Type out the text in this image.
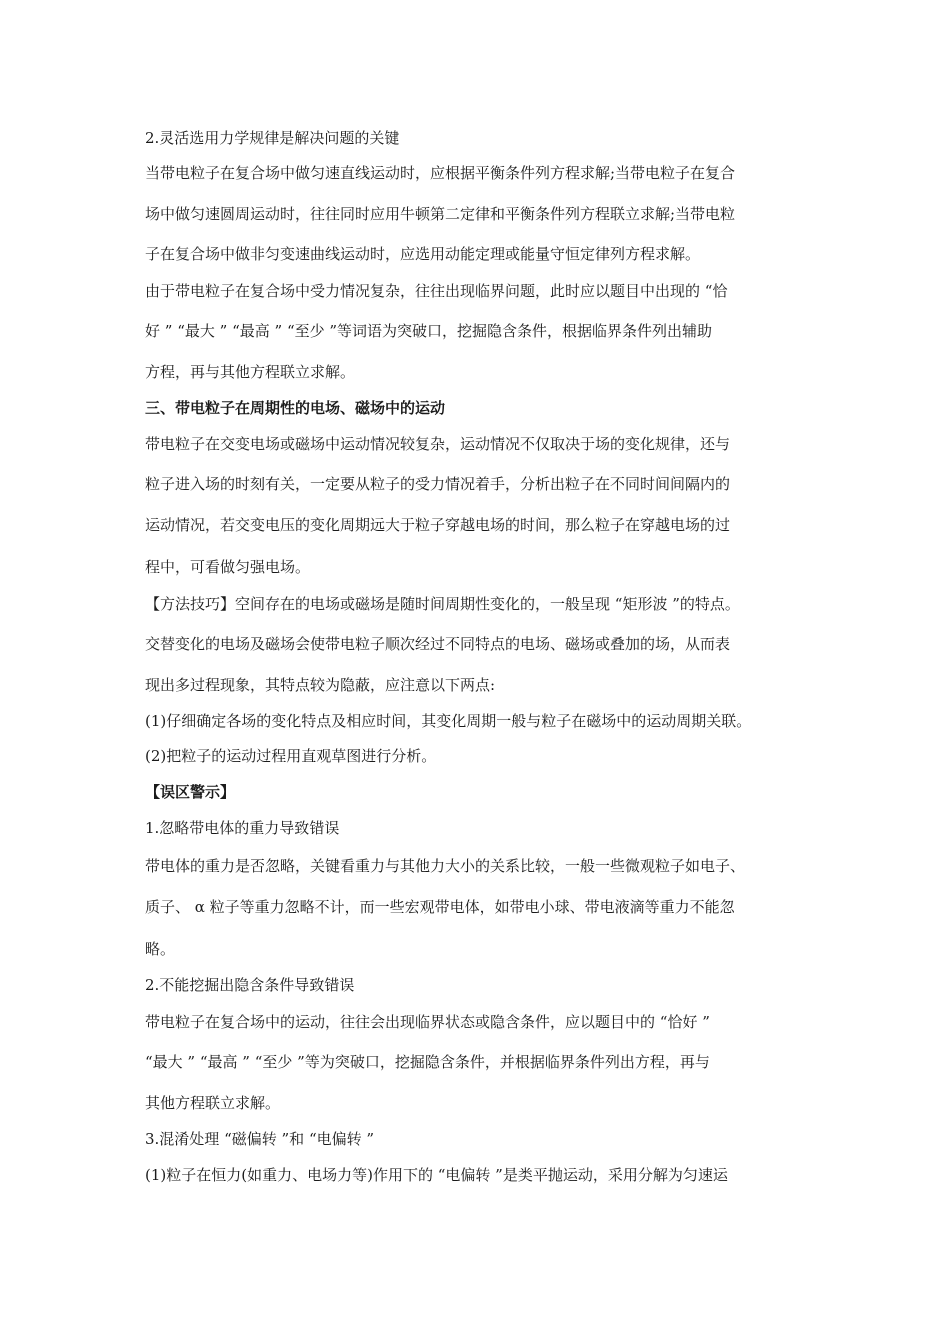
2.灵活选用力学规律是解决问题的关键
当带电粒子在复合场中做匀速直线运动时，应根据平衡条件列方程求解;当带电粒子在复合
场中做匀速圆周运动时，往往同时应用牛顿第二定律和平衡条件列方程联立求解;当带电粒
子在复合场中做非匀变速曲线运动时，应选用动能定理或能量守恒定律列方程求解。
由于带电粒子在复合场中受力情况复杂，往往出现临界问题，此时应以题目中出现的 “恰
好 ” “最大 ” “最高 ” “至少 ”等词语为突破口，挖掘隐含条件，根据临界条件列出辅助
方程，再与其他方程联立求解。
三、带电粒子在周期性的电场、磁场中的运动
带电粒子在交变电场或磁场中运动情况较复杂，运动情况不仅取决于场的变化规律，还与
粒子进入场的时刻有关，一定要从粒子的受力情况着手，分析出粒子在不同时间间隔内的
运动情况，若交变电压的变化周期远大于粒子穿越电场的时间，那么粒子在穿越电场的过
程中，可看做匀强电场。
【方法技巧】空间存在的电场或磁场是随时间周期性变化的，一般呈现 “矩形波 ”的特点。
交替变化的电场及磁场会使带电粒子顺次经过不同特点的电场、磁场或叠加的场，从而表
现出多过程现象，其特点较为隐蔽，应注意以下两点:
(1)仔细确定各场的变化特点及相应时间，其变化周期一般与粒子在磁场中的运动周期关联。
(2)把粒子的运动过程用直观草图进行分析。
【误区警示】
1.忽略带电体的重力导致错误
带电体的重力是否忽略，关键看重力与其他力大小的关系比较，一般一些微观粒子如电子、
质子、 α 粒子等重力忽略不计，而一些宏观带电体，如带电小球、带电液滴等重力不能忽
略。
2.不能挖掘出隐含条件导致错误
带电粒子在复合场中的运动，往往会出现临界状态或隐含条件，应以题目中的 “恰好 ”
“最大 ” “最高 ” “至少 ”等为突破口，挖掘隐含条件，并根据临界条件列出方程，再与
其他方程联立求解。
3.混淆处理 “磁偏转 ”和 “电偏转 ”
(1)粒子在恒力(如重力、电场力等)作用下的 “电偏转 ”是类平抛运动，采用分解为匀速运
